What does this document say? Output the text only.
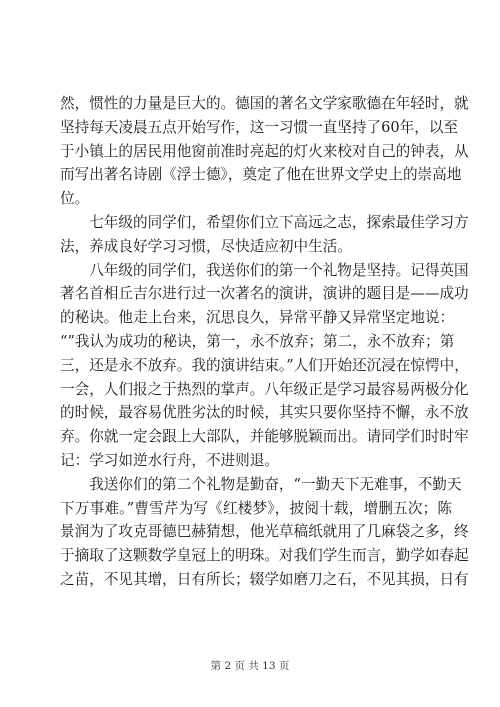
然，惯性的力量是巨大的。德国的著名文学家歌德在年轻时，就
坚持每天凌晨五点开始写作，这一习惯一直坚持了60年，以至
于小镇上的居民用他窗前准时亮起的灯火来校对自己的钟表，从
而写出著名诗剧《浮士德》，奠定了他在世界文学史上的崇高地
位。
　　七年级的同学们，希望你们立下高远之志，探索最佳学习方
法，养成良好学习习惯，尽快适应初中生活。
　　八年级的同学们，我送你们的第一个礼物是坚持。记得英国
著名首相丘吉尔进行过一次著名的演讲，演讲的题目是——成功
的秘诀。他走上台来，沉思良久，异常平静又异常坚定地说：
“”我认为成功的秘诀，第一，永不放弃；第二，永不放弃；第
三，还是永不放弃。我的演讲结束。”人们开始还沉浸在惊愕中，
一会，人们报之于热烈的掌声。八年级正是学习最容易两极分化
的时候，最容易优胜劣汰的时候，其实只要你坚持不懈，永不放
弃。你就一定会跟上大部队，并能够脱颖而出。请同学们时时牢
记：学习如逆水行舟，不进则退。
　　我送你们的第二个礼物是勤奋，“一勤天下无难事，不勤天
下万事难。”曹雪芹为写《红楼梦》，披阅十载，增删五次；陈
景润为了攻克哥德巴赫猜想，他光草稿纸就用了几麻袋之多，终
于摘取了这颗数学皇冠上的明珠。对我们学生而言，勤学如春起
之苗，不见其增，日有所长；辍学如磨刀之石，不见其损，日有
第 2 页 共 13 页
